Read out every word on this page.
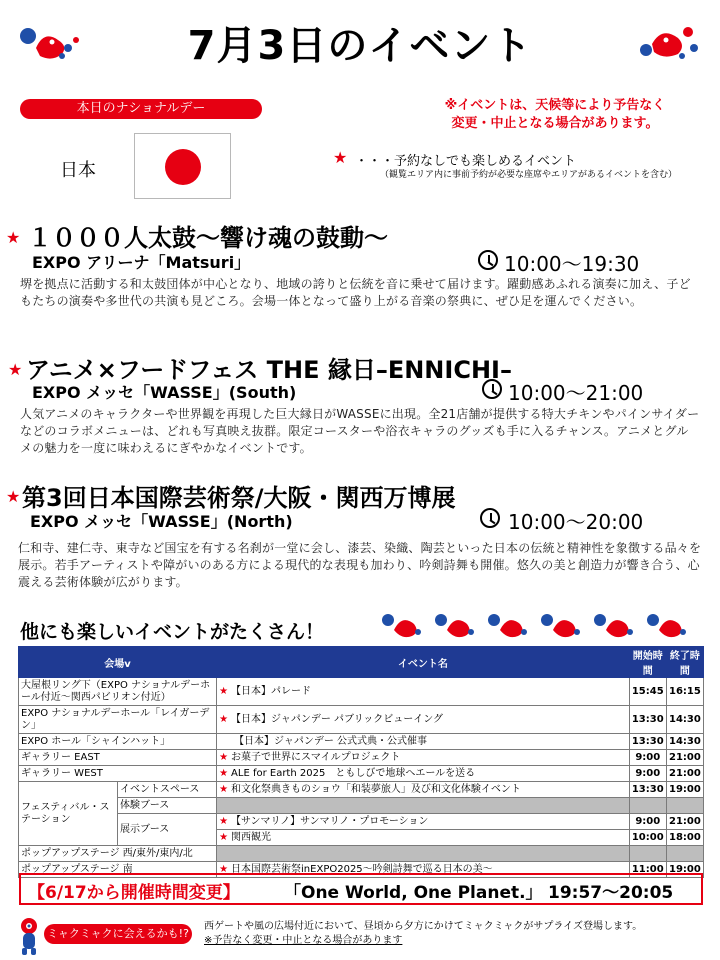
7月3日のイベント
本日のナショナルデー	※イベントは、天候等により予告なく
変更・中止となる場合があります。
日本
★ ・・・予約なしでも楽しめるイベント
（観覧エリア内に事前予約が必要な座席やエリアがあるイベントを含む）
★ １０００人太鼓～響け魂の鼓動～
EXPO アリーナ「Matsuri」	10:00～19:30
堺を拠点に活動する和太鼓団体が中心となり、地域の誇りと伝統を音に乗せて届けます。躍動感あふれる演奏に加え、子どもたちの演奏や多世代の共演も見どころ。会場一体となって盛り上がる音楽の祭典に、ぜひ足を運んでください。
★ アニメ×フードフェス THE 縁日–ENNICHI–
EXPO メッセ「WASSE」(South)	10:00～21:00
人気アニメのキャラクターや世界観を再現した巨大縁日がWASSEに出現。全21店舗が提供する特大チキンやパインサイダーなどのコラボメニューは、どれも写真映え抜群。限定コースターや浴衣キャラのグッズも手に入るチャンス。アニメとグルメの魅力を一度に味わえるにぎやかなイベントです。
★ 第3回日本国際芸術祭/大阪・関西万博展
EXPO メッセ「WASSE」(North)	10:00～20:00
仁和寺、建仁寺、東寺など国宝を有する名刹が一堂に会し、漆芸、染織、陶芸といった日本の伝統と精神性を象徴する品々を展示。若手アーティストや障がいのある方による現代的な表現も加わり、吟剣詩舞も開催。悠久の美と創造力が響き合う、心震える芸術体験が広がります。
他にも楽しいイベントがたくさん！
会場v		イベント名	開始時間	終了時間
大屋根リング下（EXPO ナショナルデーホール付近～関西パビリオン付近）		★ 【日本】パレード	15:45	16:15
EXPO ナショナルデーホール「レイガーデン」		★ 【日本】ジャパンデー パブリックビューイング	13:30	14:30
EXPO ホール「シャインハット」		【日本】ジャパンデー 公式式典・公式催事	13:30	14:30
ギャラリー EAST		★ お菓子で世界にスマイルプロジェクト	9:00	21:00
ギャラリー WEST		★ ALE for Earth 2025　ともしびで地球へエールを送る	9:00	21:00
フェスティバル・ステーション	イベントスペース	★ 和文化祭典きものショウ「和装夢旅人」及び和文化体験イベント	13:30	19:00
	体験ブース			
	展示ブース	★ 【サンマリノ】サンマリノ・プロモーション	9:00	21:00
		★ 関西観光	10:00	18:00
ポップアップステージ 西/東外/東内/北				
ポップアップステージ 南		★ 日本国際芸術祭inEXPO2025～吟剣詩舞で巡る日本の美～	11:00	19:00
【6/17から開催時間変更】	「One World, One Planet.」 19:57～20:05
ミャクミャクに会えるかも!?
西ゲートや風の広場付近において、昼頃から夕方にかけてミャクミャクがサプライズ登場します。
※予告なく変更・中止となる場合があります
